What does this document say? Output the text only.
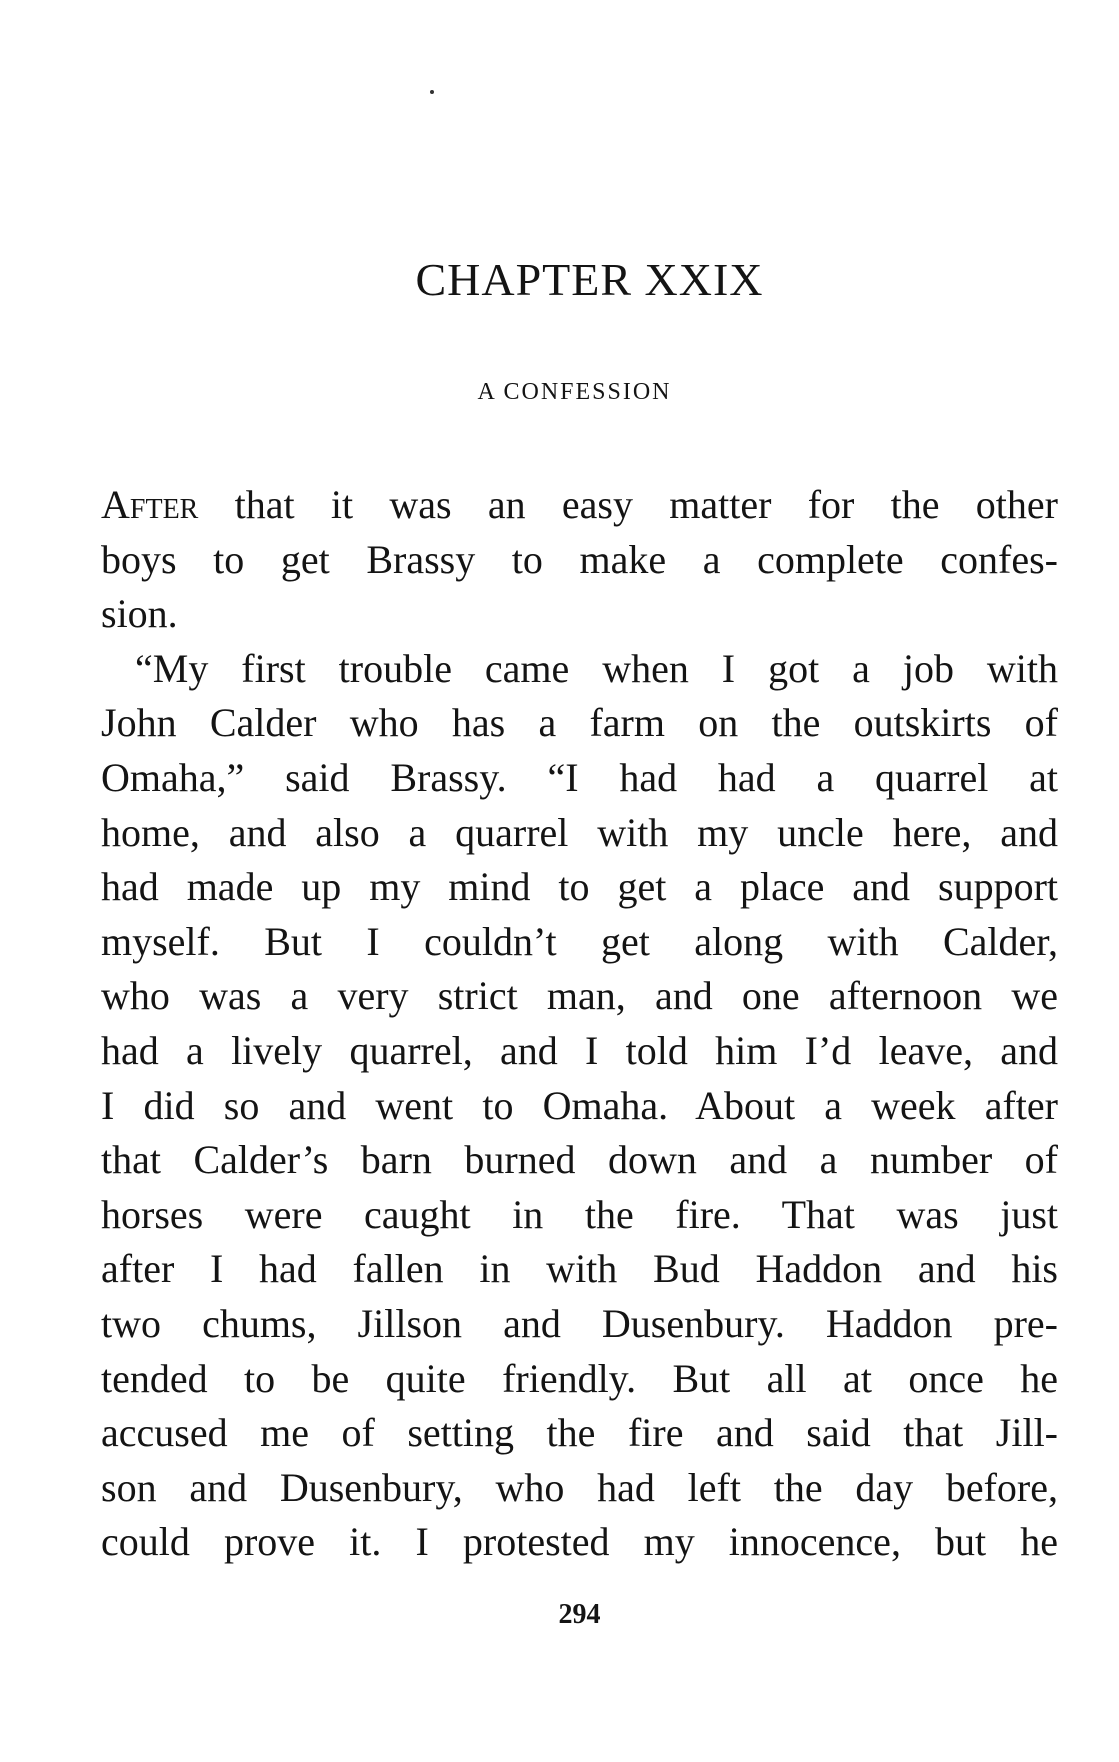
CHAPTER XXIX
A CONFESSION
After that it was an easy matter for the other
boys to get Brassy to make a complete confes-
sion.
“My first trouble came when I got a job with
John Calder who has a farm on the outskirts of
Omaha,” said Brassy. “I had had a quarrel at
home, and also a quarrel with my uncle here, and
had made up my mind to get a place and support
myself. But I couldn’t get along with Calder,
who was a very strict man, and one afternoon we
had a lively quarrel, and I told him I’d leave, and
I did so and went to Omaha. About a week after
that Calder’s barn burned down and a number of
horses were caught in the fire. That was just
after I had fallen in with Bud Haddon and his
two chums, Jillson and Dusenbury. Haddon pre-
tended to be quite friendly. But all at once he
accused me of setting the fire and said that Jill-
son and Dusenbury, who had left the day before,
could prove it. I protested my innocence, but he
294
